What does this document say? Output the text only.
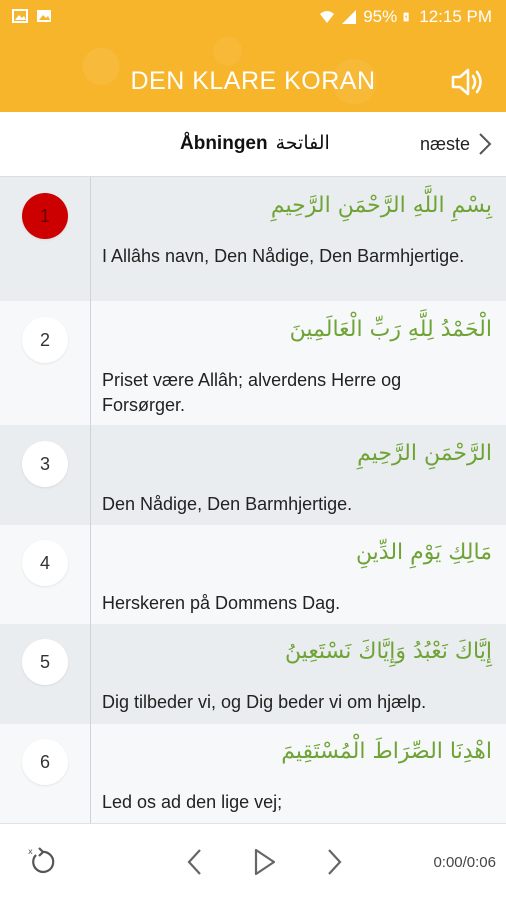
95% 12:15 PM
DEN KLARE KORAN
Åbningen الفاتحة	næste
1	بِسْمِ اللَّهِ الرَّحْمَنِ الرَّحِيمِ
I Allâhs navn, Den Nådige, Den Barmhjertige.
2	الْحَمْدُ لِلَّهِ رَبِّ الْعَالَمِينَ
Priset være Allâh; alverdens Herre og Forsørger.
3	الرَّحْمَنِ الرَّحِيمِ
Den Nådige, Den Barmhjertige.
4	مَالِكِ يَوْمِ الدِّينِ
Herskeren på Dommens Dag.
5	إِيَّاكَ نَعْبُدُ وَإِيَّاكَ نَسْتَعِينُ
Dig tilbeder vi, og Dig beder vi om hjælp.
6	اهْدِنَا الصِّرَاطَ الْمُسْتَقِيمَ
Led os ad den lige vej;
x
0:00/0:06
